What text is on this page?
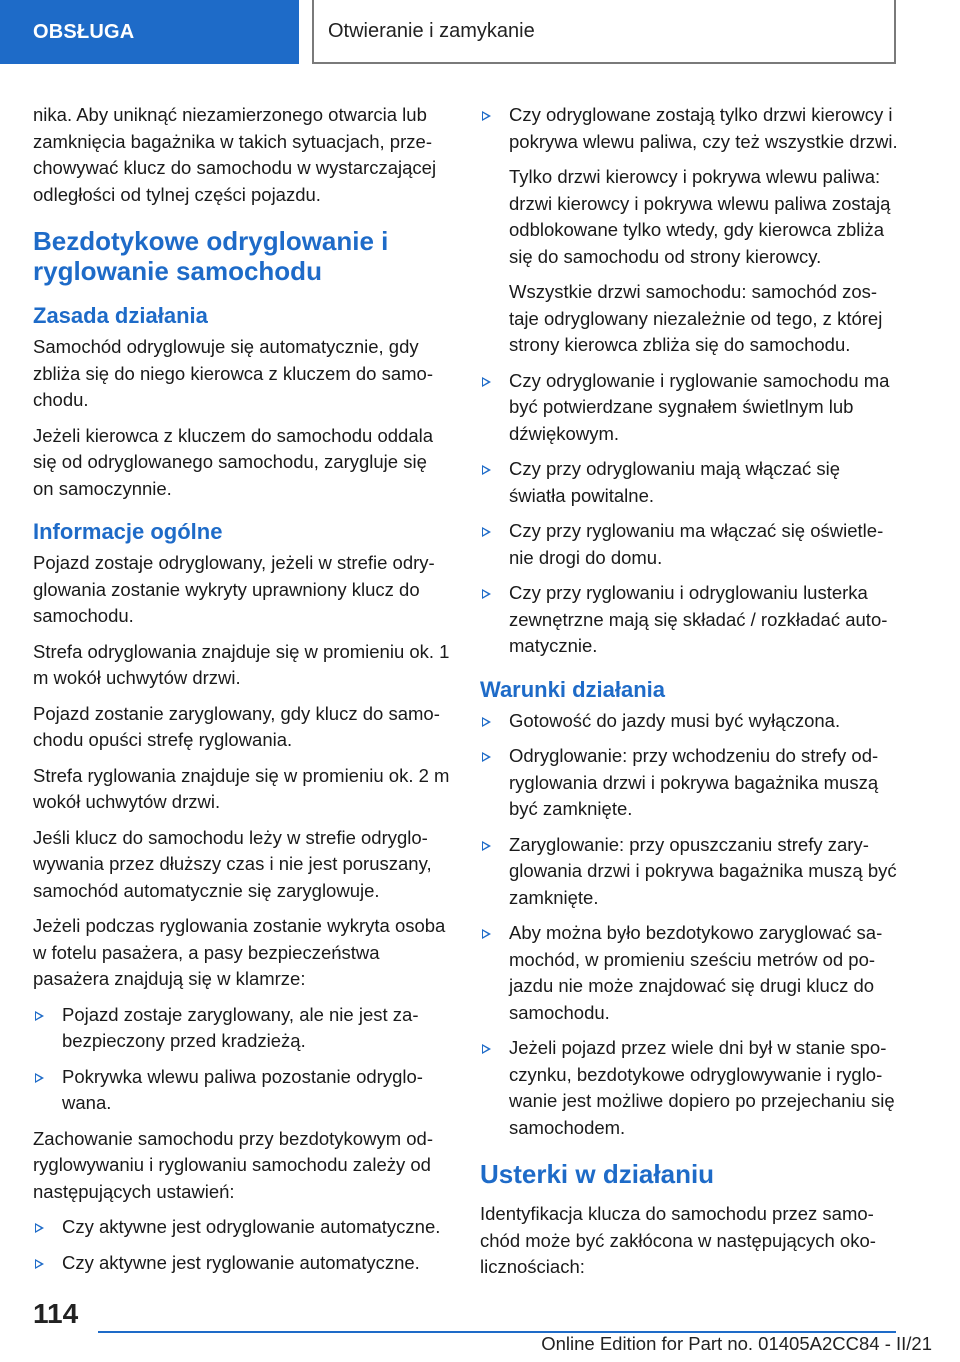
OBSŁUGA	Otwieranie i zamykanie

nika. Aby uniknąć niezamierzonego otwarcia lub zamknięcia bagażnika w takich sytuacjach, przechowywać klucz do samochodu w wystarczającej odległości od tylnej części pojazdu.

Bezdotykowe odryglowanie i ryglowanie samochodu
Zasada działania

Samochód odryglowuje się automatycznie, gdy zbliża się do niego kierowca z kluczem do samochodu.

Jeżeli kierowca z kluczem do samochodu oddala się od odryglowanego samochodu, zarygluje się on samoczynnie.

Informacje ogólne

Pojazd zostaje odryglowany, jeżeli w strefie odryglowania zostanie wykryty uprawniony klucz do samochodu.

Strefa odryglowania znajduje się w promieniu ok. 1 m wokół uchwytów drzwi.

Pojazd zostanie zaryglowany, gdy klucz do samochodu opuści strefę ryglowania.

Strefa ryglowania znajduje się w promieniu ok. 2 m wokół uchwytów drzwi.

Jeśli klucz do samochodu leży w strefie odryglowywania przez dłuższy czas i nie jest poruszany, samochód automatycznie się zaryglowuje.

Jeżeli podczas ryglowania zostanie wykryta osoba w fotelu pasażera, a pasy bezpieczeństwa pasażera znajdują się w klamrze:

Pojazd zostaje zaryglowany, ale nie jest zabezpieczony przed kradzieżą.
Pokrywka wlewu paliwa pozostanie odryglowana.

Zachowanie samochodu przy bezdotykowym odryglowywaniu i ryglowaniu samochodu zależy od następujących ustawień:

Czy aktywne jest odryglowanie automatyczne.
Czy aktywne jest ryglowanie automatyczne.
Czy odryglowane zostają tylko drzwi kierowcy i pokrywa wlewu paliwa, czy też wszystkie drzwi.

Tylko drzwi kierowcy i pokrywa wlewu paliwa: drzwi kierowcy i pokrywa wlewu paliwa zostają odblokowane tylko wtedy, gdy kierowca zbliża się do samochodu od strony kierowcy.

Wszystkie drzwi samochodu: samochód zostaje odryglowany niezależnie od tego, z której strony kierowca zbliża się do samochodu.

Czy odryglowanie i ryglowanie samochodu ma być potwierdzane sygnałem świetlnym lub dźwiękowym.
Czy przy odryglowaniu mają włączać się światła powitalne.
Czy przy ryglowaniu ma włączać się oświetlenie drogi do domu.
Czy przy ryglowaniu i odryglowaniu lusterka zewnętrzne mają się składać / rozkładać automatycznie.
Warunki działania
Gotowość do jazdy musi być wyłączona.
Odryglowanie: przy wchodzeniu do strefy odryglowania drzwi i pokrywa bagażnika muszą być zamknięte.
Zaryglowanie: przy opuszczaniu strefy zaryglowania drzwi i pokrywa bagażnika muszą być zamknięte.
Aby można było bezdotykowo zaryglować samochód, w promieniu sześciu metrów od pojazdu nie może znajdować się drugi klucz do samochodu.
Jeżeli pojazd przez wiele dni był w stanie spoczynku, bezdotykowe odryglowywanie i ryglowanie jest możliwe dopiero po przejechaniu się samochodem.
Usterki w działaniu

Identyfikacja klucza do samochodu przez samochód może być zakłócona w następujących okolicznościach:

114
Online Edition for Part no. 01405A2CC84 - II/21
